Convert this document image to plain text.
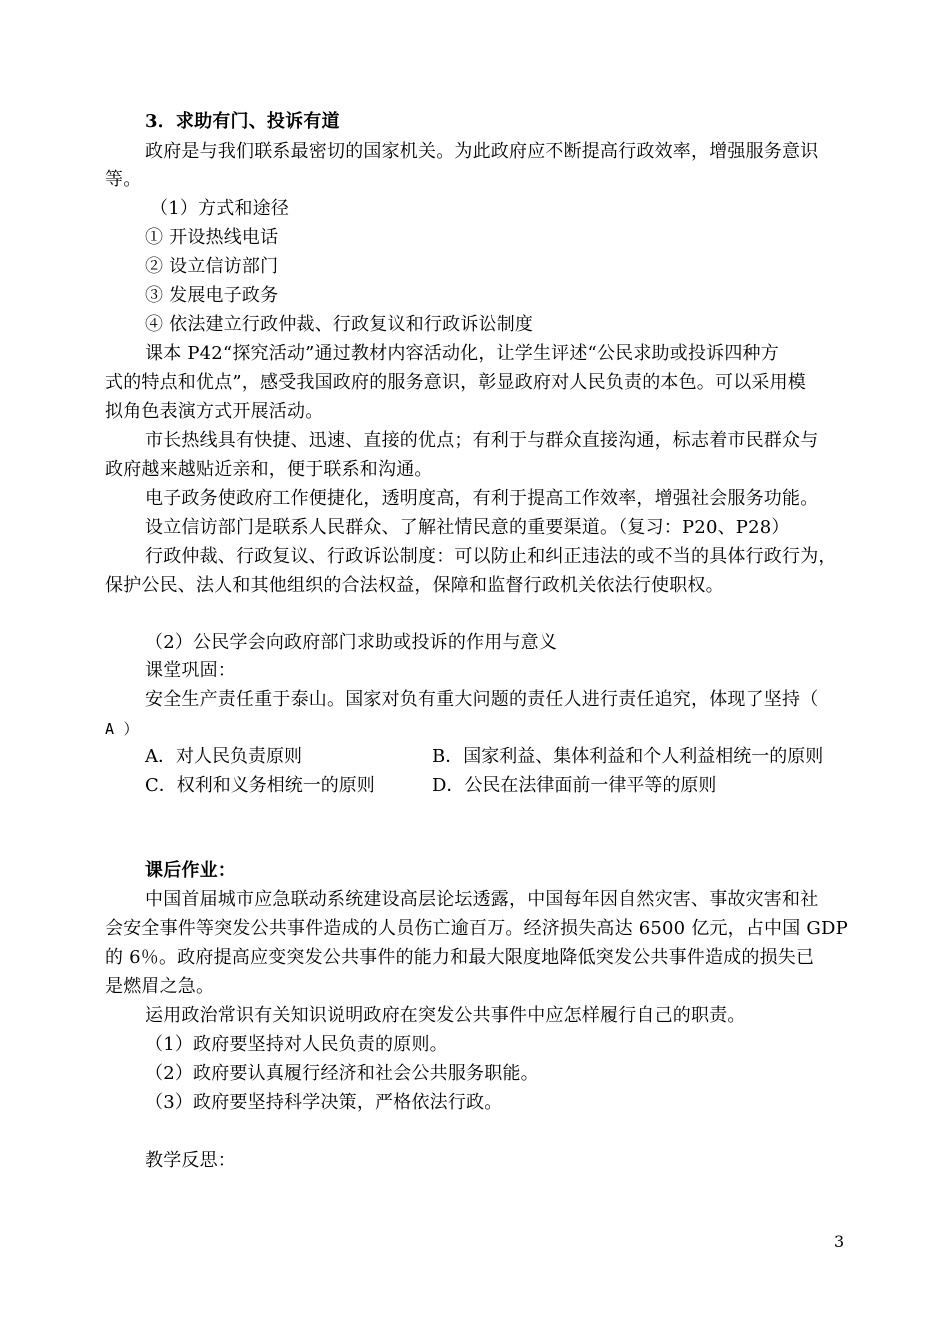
3．求助有门、投诉有道
政府是与我们联系最密切的国家机关。为此政府应不断提高行政效率，增强服务意识
等。
（1）方式和途径
① 开设热线电话
② 设立信访部门
③ 发展电子政务
④ 依法建立行政仲裁、行政复议和行政诉讼制度
课本 P42“探究活动”通过教材内容活动化，让学生评述“公民求助或投诉四种方
式的特点和优点”，感受我国政府的服务意识，彰显政府对人民负责的本色。可以采用模
拟角色表演方式开展活动。
市长热线具有快捷、迅速、直接的优点；有利于与群众直接沟通，标志着市民群众与
政府越来越贴近亲和，便于联系和沟通。
电子政务使政府工作便捷化，透明度高，有利于提高工作效率，增强社会服务功能。
设立信访部门是联系人民群众、了解社情民意的重要渠道。（复习：P20、P28）
行政仲裁、行政复议、行政诉讼制度：可以防止和纠正违法的或不当的具体行政行为，
保护公民、法人和其他组织的合法权益，保障和监督行政机关依法行使职权。
（2）公民学会向政府部门求助或投诉的作用与意义
课堂巩固：
安全生产责任重于泰山。国家对负有重大问题的责任人进行责任追究，体现了坚持（
A ）
A．对人民负责原则	B．国家利益、集体利益和个人利益相统一的原则
C．权利和义务相统一的原则	D．公民在法律面前一律平等的原则
课后作业：
中国首届城市应急联动系统建设高层论坛透露，中国每年因自然灾害、事故灾害和社
会安全事件等突发公共事件造成的人员伤亡逾百万。经济损失高达 6500 亿元，占中国 GDP
的 6％。政府提高应变突发公共事件的能力和最大限度地降低突发公共事件造成的损失已
是燃眉之急。
运用政治常识有关知识说明政府在突发公共事件中应怎样履行自己的职责。
（1）政府要坚持对人民负责的原则。
（2）政府要认真履行经济和社会公共服务职能。
（3）政府要坚持科学决策，严格依法行政。
教学反思：
3
